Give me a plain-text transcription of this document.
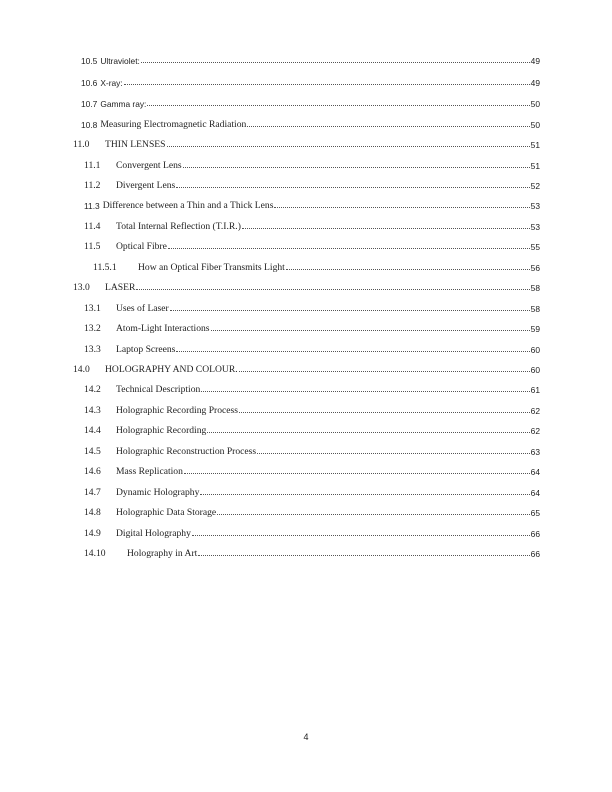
10.5 Ultraviolet:	49
10.6 X-ray:	49
10.7 Gamma ray:	50
10.8 Measuring Electromagnetic Radiation	50
11.0	THIN LENSES	51
11.1	Convergent Lens	51
11.2	Divergent Lens	52
11.3 Difference between a Thin and a Thick Lens	53
11.4	Total Internal Reflection (T.I.R.)	53
11.5	Optical Fibre	55
11.5.1	How an Optical Fiber Transmits Light	56
13.0	LASER	58
13.1	Uses of Laser	58
13.2	Atom-Light Interactions	59
13.3	Laptop Screens	60
14.0	HOLOGRAPHY AND COLOUR.	60
14.2	Technical Description	61
14.3	Holographic Recording Process	62
14.4	Holographic Recording	62
14.5	Holographic Reconstruction Process	63
14.6	Mass Replication	64
14.7	Dynamic Holography	64
14.8	Holographic Data Storage	65
14.9	Digital Holography	66
14.10	Holography in Art	66
4
